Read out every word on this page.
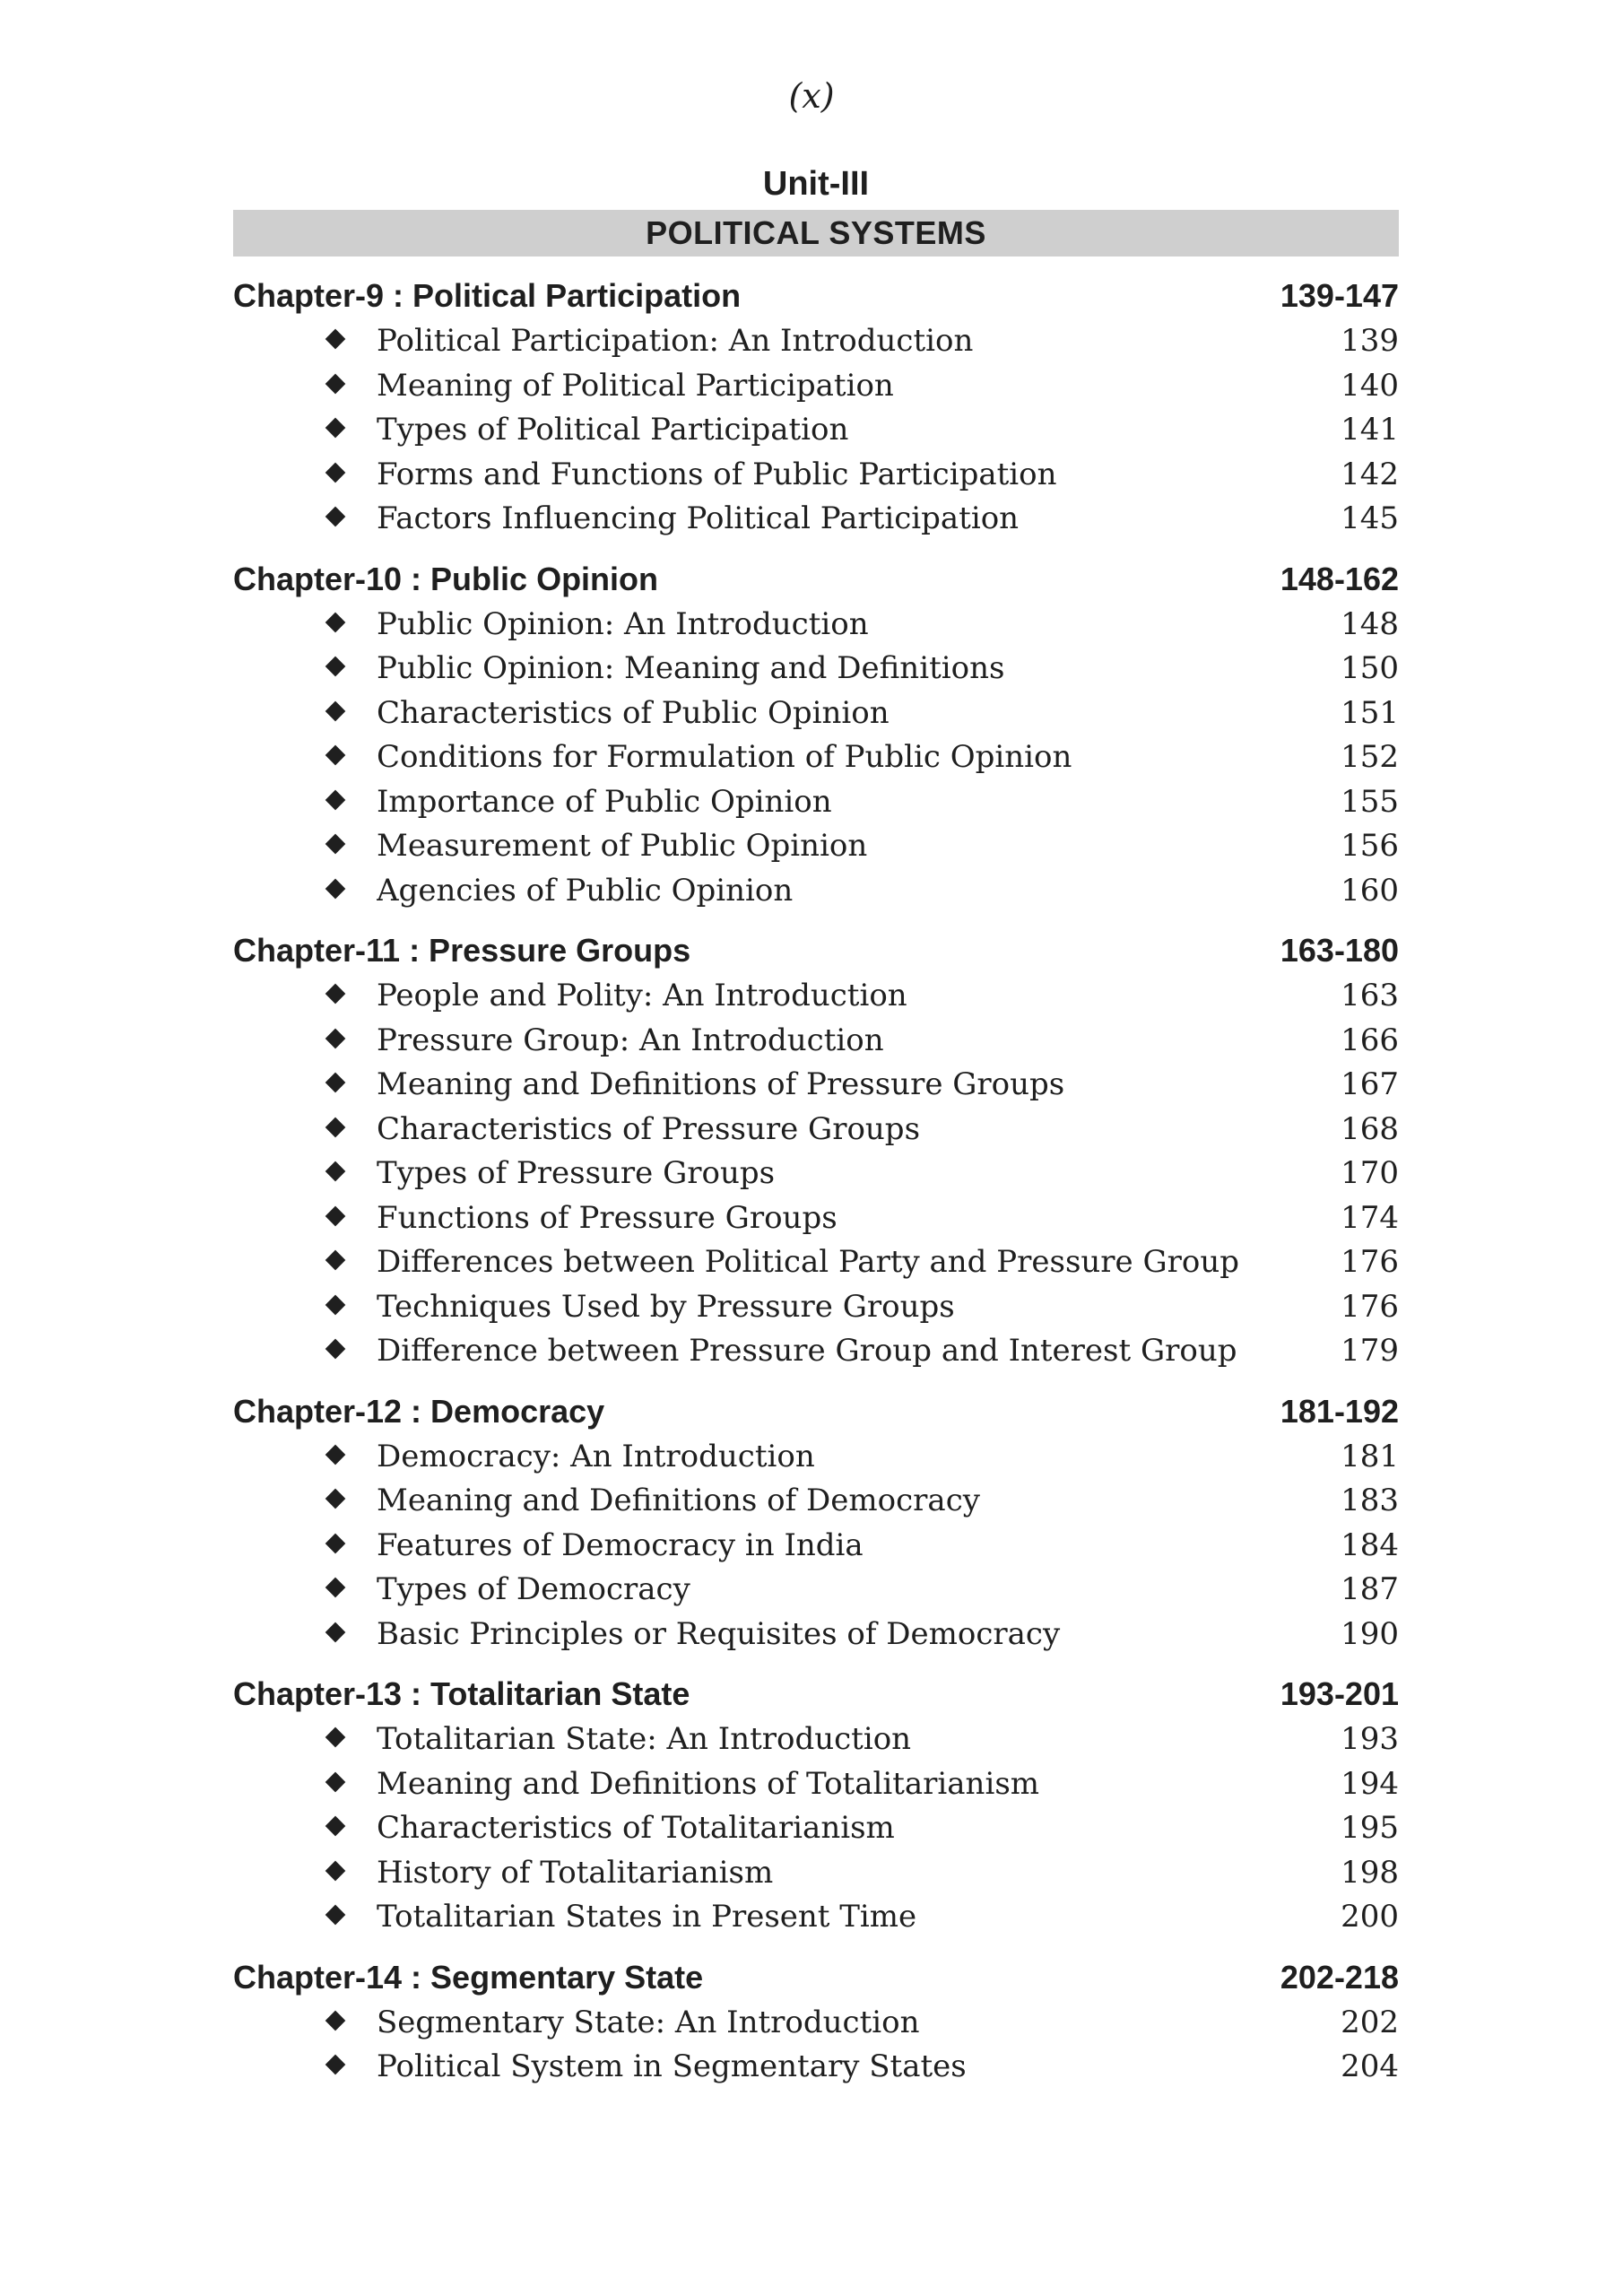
(x)
Unit-III
POLITICAL SYSTEMS
Chapter-9 : Political Participation	139-147
Political Participation: An Introduction	139
Meaning of Political Participation	140
Types of Political Participation	141
Forms and Functions of Public Participation	142
Factors Influencing Political Participation	145
Chapter-10 : Public Opinion	148-162
Public Opinion: An Introduction	148
Public Opinion: Meaning and Definitions	150
Characteristics of Public Opinion	151
Conditions for Formulation of Public Opinion	152
Importance of Public Opinion	155
Measurement of Public Opinion	156
Agencies of Public Opinion	160
Chapter-11 : Pressure Groups	163-180
People and Polity: An Introduction	163
Pressure Group: An Introduction	166
Meaning and Definitions of Pressure Groups	167
Characteristics of Pressure Groups	168
Types of Pressure Groups	170
Functions of Pressure Groups	174
Differences between Political Party and Pressure Group	176
Techniques Used by Pressure Groups	176
Difference between Pressure Group and Interest Group	179
Chapter-12 : Democracy	181-192
Democracy: An Introduction	181
Meaning and Definitions of Democracy	183
Features of Democracy in India	184
Types of Democracy	187
Basic Principles or Requisites of Democracy	190
Chapter-13 : Totalitarian State	193-201
Totalitarian State: An Introduction	193
Meaning and Definitions of Totalitarianism	194
Characteristics of Totalitarianism	195
History of Totalitarianism	198
Totalitarian States in Present Time	200
Chapter-14 : Segmentary State	202-218
Segmentary State: An Introduction	202
Political System in Segmentary States	204
